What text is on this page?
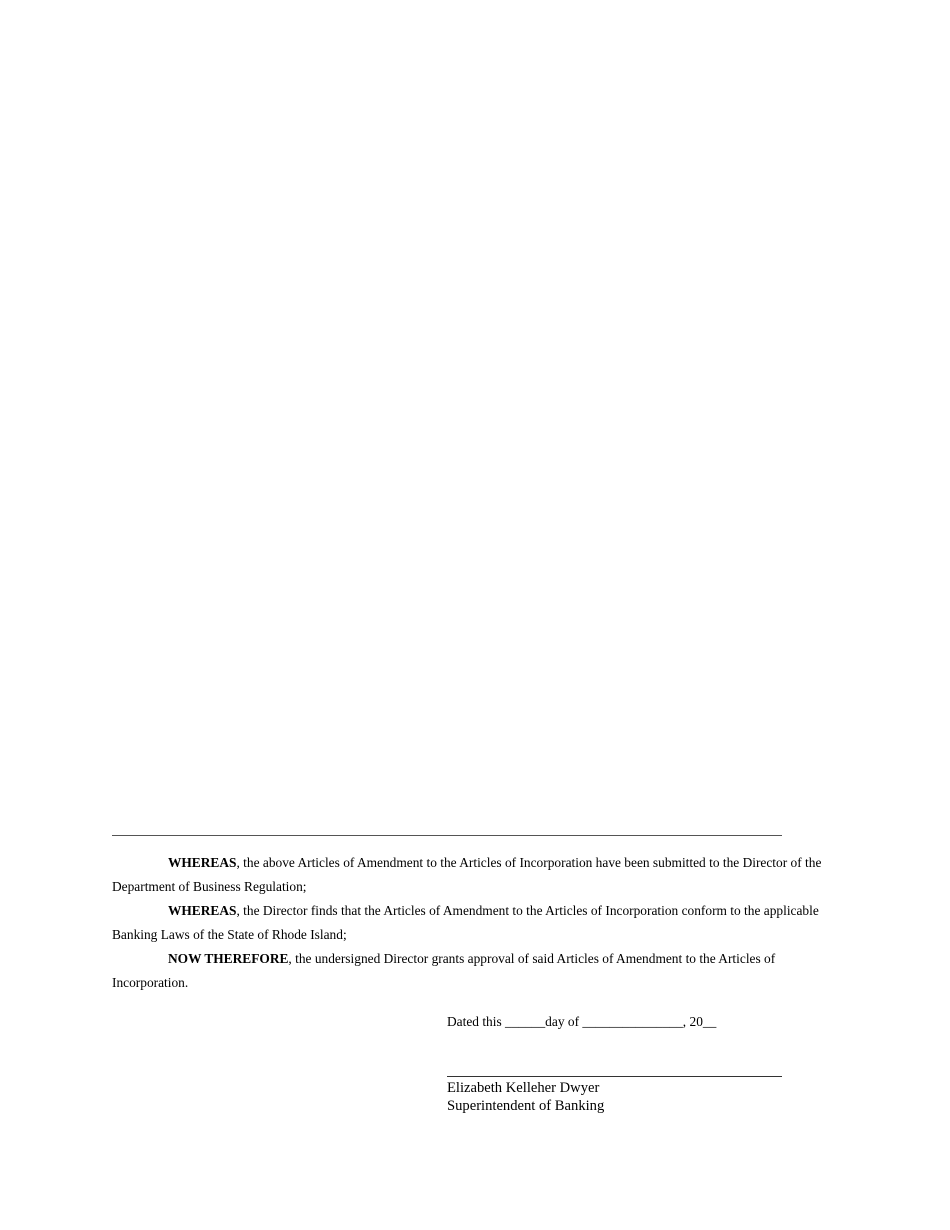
WHEREAS, the above Articles of Amendment to the Articles of Incorporation have been submitted to the Director of the Department of Business Regulation;

WHEREAS, the Director finds that the Articles of Amendment to the Articles of Incorporation conform to the applicable Banking Laws of the State of Rhode Island;

NOW THEREFORE, the undersigned Director grants approval of said Articles of Amendment to the Articles of Incorporation.

Dated this ______day of _______________, 20__
Elizabeth Kelleher Dwyer
Superintendent of Banking
